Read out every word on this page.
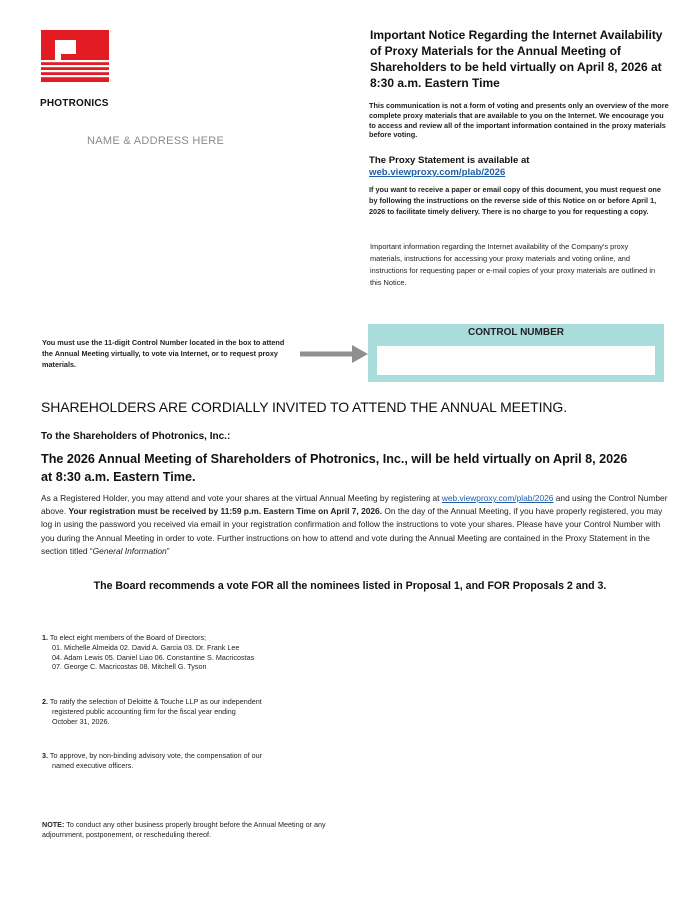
PHOTRONICS
NAME & ADDRESS HERE
Important Notice Regarding the Internet Availability of Proxy Materials for the Annual Meeting of Shareholders to be held virtually on April 8, 2026 at 8:30 a.m. Eastern Time
This communication is not a form of voting and presents only an overview of the more complete proxy materials that are available to you on the Internet. We encourage you to access and review all of the important information contained in the proxy materials before voting.
The Proxy Statement is available at
web.viewproxy.com/plab/2026
If you want to receive a paper or email copy of this document, you must request one by following the instructions on the reverse side of this Notice on or before April 1, 2026 to facilitate timely delivery. There is no charge to you for requesting a copy.
Important information regarding the Internet availability of the Company's proxy materials, instructions for accessing your proxy materials and voting online, and instructions for requesting paper or e-mail copies of your proxy materials are outlined in this Notice.
You must use the 11-digit Control Number located in the box to attend the Annual Meeting virtually, to vote via Internet, or to request proxy materials.
CONTROL NUMBER
SHAREHOLDERS ARE CORDIALLY INVITED TO ATTEND THE ANNUAL MEETING.
To the Shareholders of Photronics, Inc.:
The 2026 Annual Meeting of Shareholders of Photronics, Inc., will be held virtually on April 8, 2026 at 8:30 a.m. Eastern Time.
As a Registered Holder, you may attend and vote your shares at the virtual Annual Meeting by registering at web.viewproxy.com/plab/2026 and using the Control Number above. Your registration must be received by 11:59 p.m. Eastern Time on April 7, 2026. On the day of the Annual Meeting, if you have properly registered, you may log in using the password you received via email in your registration confirmation and follow the instructions to vote your shares. Please have your Control Number with you during the Annual Meeting in order to vote. Further instructions on how to attend and vote during the Annual Meeting are contained in the Proxy Statement in the section titled “General Information”
The Board recommends a vote FOR all the nominees listed in Proposal 1, and FOR Proposals 2 and 3.
1. To elect eight members of the Board of Directors;
01. Michelle Almeida 02. David A. Garcia 03. Dr. Frank Lee
04. Adam Lewis 05. Daniel Liao 06. Constantine S. Macricostas
07. George C. Macricostas 08. Mitchell G. Tyson
2. To ratify the selection of Deloitte & Touche LLP as our independent
registered public accounting firm for the fiscal year ending
October 31, 2026.
3. To approve, by non-binding advisory vote, the compensation of our
named executive officers.
NOTE: To conduct any other business properly brought before the Annual Meeting or any adjournment, postponement, or rescheduling thereof.
